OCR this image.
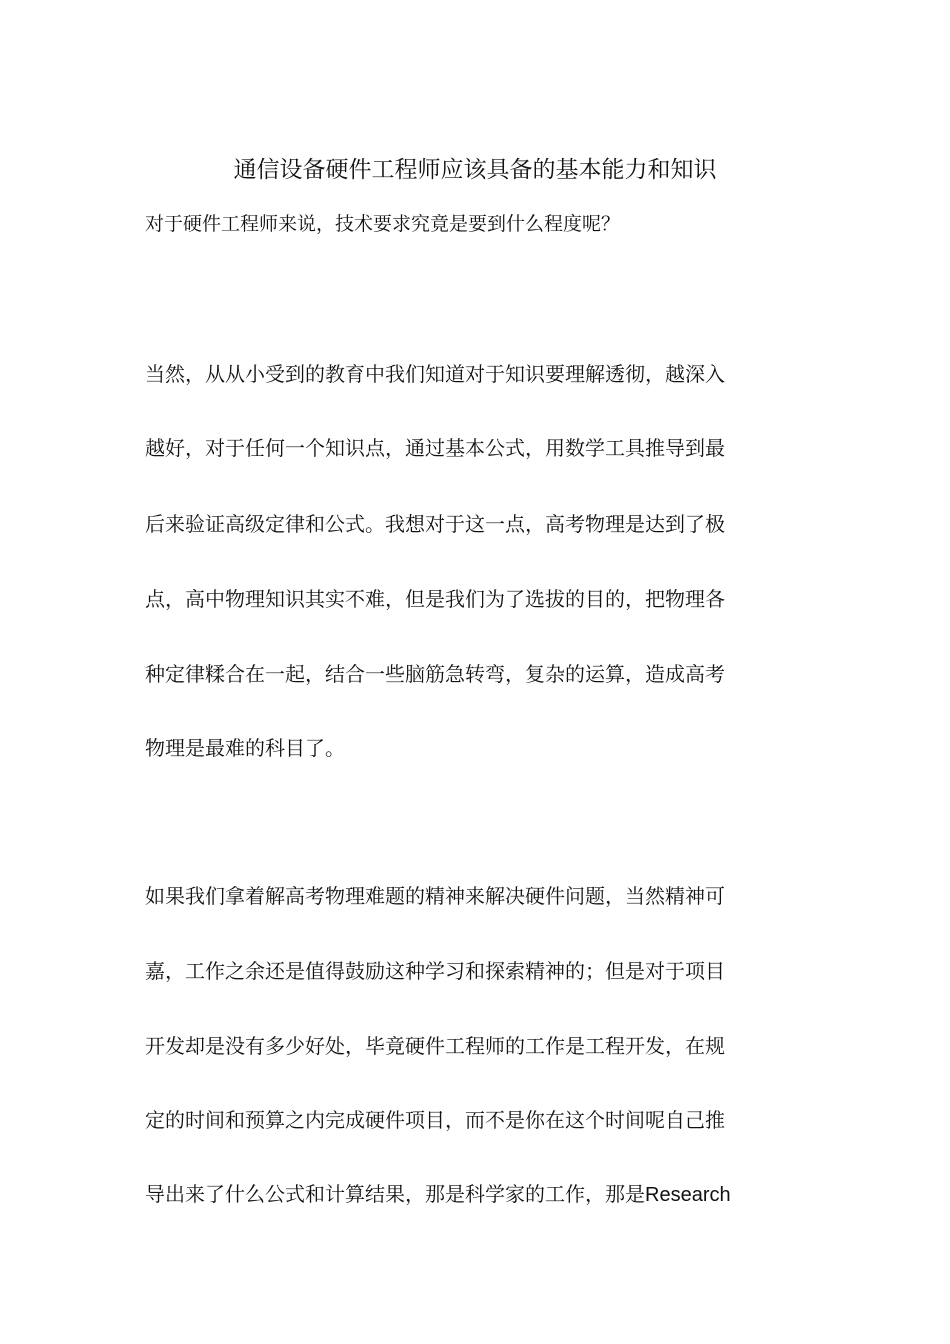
通信设备硬件工程师应该具备的基本能力和知识
对于硬件工程师来说，技术要求究竟是要到什么程度呢？
当然，从从小受到的教育中我们知道对于知识要理解透彻，越深入
越好，对于任何一个知识点，通过基本公式，用数学工具推导到最
后来验证高级定律和公式。我想对于这一点，高考物理是达到了极
点，高中物理知识其实不难，但是我们为了选拔的目的，把物理各
种定律糅合在一起，结合一些脑筋急转弯，复杂的运算，造成高考
物理是最难的科目了。
如果我们拿着解高考物理难题的精神来解决硬件问题，当然精神可
嘉，工作之余还是值得鼓励这种学习和探索精神的；但是对于项目
开发却是没有多少好处，毕竟硬件工程师的工作是工程开发，在规
定的时间和预算之内完成硬件项目，而不是你在这个时间呢自己推
导出来了什么公式和计算结果，那是科学家的工作，那是Research
